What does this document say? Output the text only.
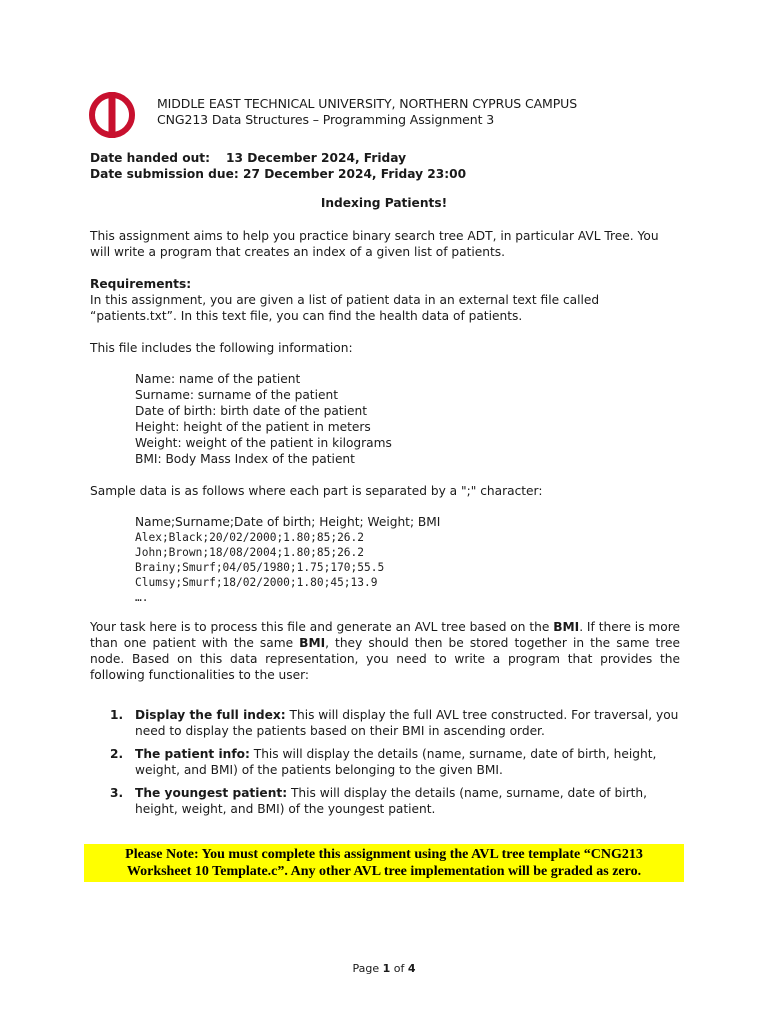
MIDDLE EAST TECHNICAL UNIVERSITY, NORTHERN CYPRUS CAMPUS
CNG213 Data Structures – Programming Assignment 3
Date handed out: 13 December 2024, Friday
Date submission due: 27 December 2024, Friday 23:00
Indexing Patients!
This assignment aims to help you practice binary search tree ADT, in particular AVL Tree. You will write a program that creates an index of a given list of patients.
Requirements:
In this assignment, you are given a list of patient data in an external text file called “patients.txt”. In this text file, you can find the health data of patients.
This file includes the following information:
Name: name of the patient
Surname: surname of the patient
Date of birth: birth date of the patient
Height: height of the patient in meters
Weight: weight of the patient in kilograms
BMI: Body Mass Index of the patient
Sample data is as follows where each part is separated by a ";" character:
Name;Surname;Date of birth; Height; Weight; BMI
Alex;Black;20/02/2000;1.80;85;26.2
John;Brown;18/08/2004;1.80;85;26.2
Brainy;Smurf;04/05/1980;1.75;170;55.5
Clumsy;Smurf;18/02/2000;1.80;45;13.9
….
Your task here is to process this file and generate an AVL tree based on the BMI. If there is more than one patient with the same BMI, they should then be stored together in the same tree node. Based on this data representation, you need to write a program that provides the following functionalities to the user:
1. Display the full index: This will display the full AVL tree constructed. For traversal, you need to display the patients based on their BMI in ascending order.
2. The patient info: This will display the details (name, surname, date of birth, height, weight, and BMI) of the patients belonging to the given BMI.
3. The youngest patient: This will display the details (name, surname, date of birth, height, weight, and BMI) of the youngest patient.
Please Note: You must complete this assignment using the AVL tree template “CNG213 Worksheet 10 Template.c”. Any other AVL tree implementation will be graded as zero.
Page 1 of 4
